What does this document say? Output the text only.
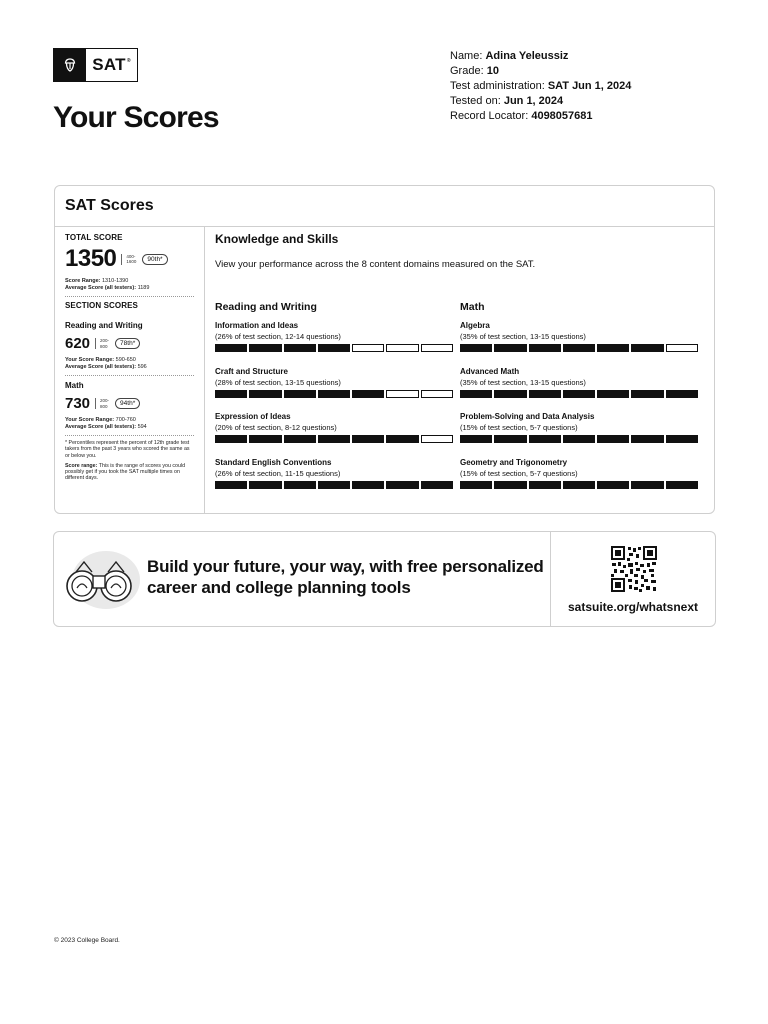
SAT®
Your Scores
Name: Adina Yeleussiz
Grade: 10
Test administration: SAT Jun 1, 2024
Tested on: Jun 1, 2024
Record Locator: 4098057681
SAT Scores
TOTAL SCORE
1350	400-
1600	90th*
Score Range: 1310-1390
Average Score (all testers): 1189
SECTION SCORES
Reading and Writing
620	200-
800	78th*
Your Score Range: 590-650
Average Score (all testers): 596
Math
730	200-
800	94th*
Your Score Range: 700-760
Average Score (all testers): 594
* Percentiles represent the percent of 12th grade test takers from the past 3 years who scored the same as or below you.
Score range: This is the range of scores you could possibly get if you took the SAT multiple times on different days.
Knowledge and Skills
View your performance across the 8 content domains measured on the SAT.
Reading and Writing
Information and Ideas
(26% of test section, 12-14 questions)
Craft and Structure
(28% of test section, 13-15 questions)
Expression of Ideas
(20% of test section, 8-12 questions)
Standard English Conventions
(26% of test section, 11-15 questions)
Math
Algebra
(35% of test section, 13-15 questions)
Advanced Math
(35% of test section, 13-15 questions)
Problem-Solving and Data Analysis
(15% of test section, 5-7 questions)
Geometry and Trigonometry
(15% of test section, 5-7 questions)
Build your future, your way, with free personalized career and college planning tools
satsuite.org/whatsnext
© 2023 College Board.
